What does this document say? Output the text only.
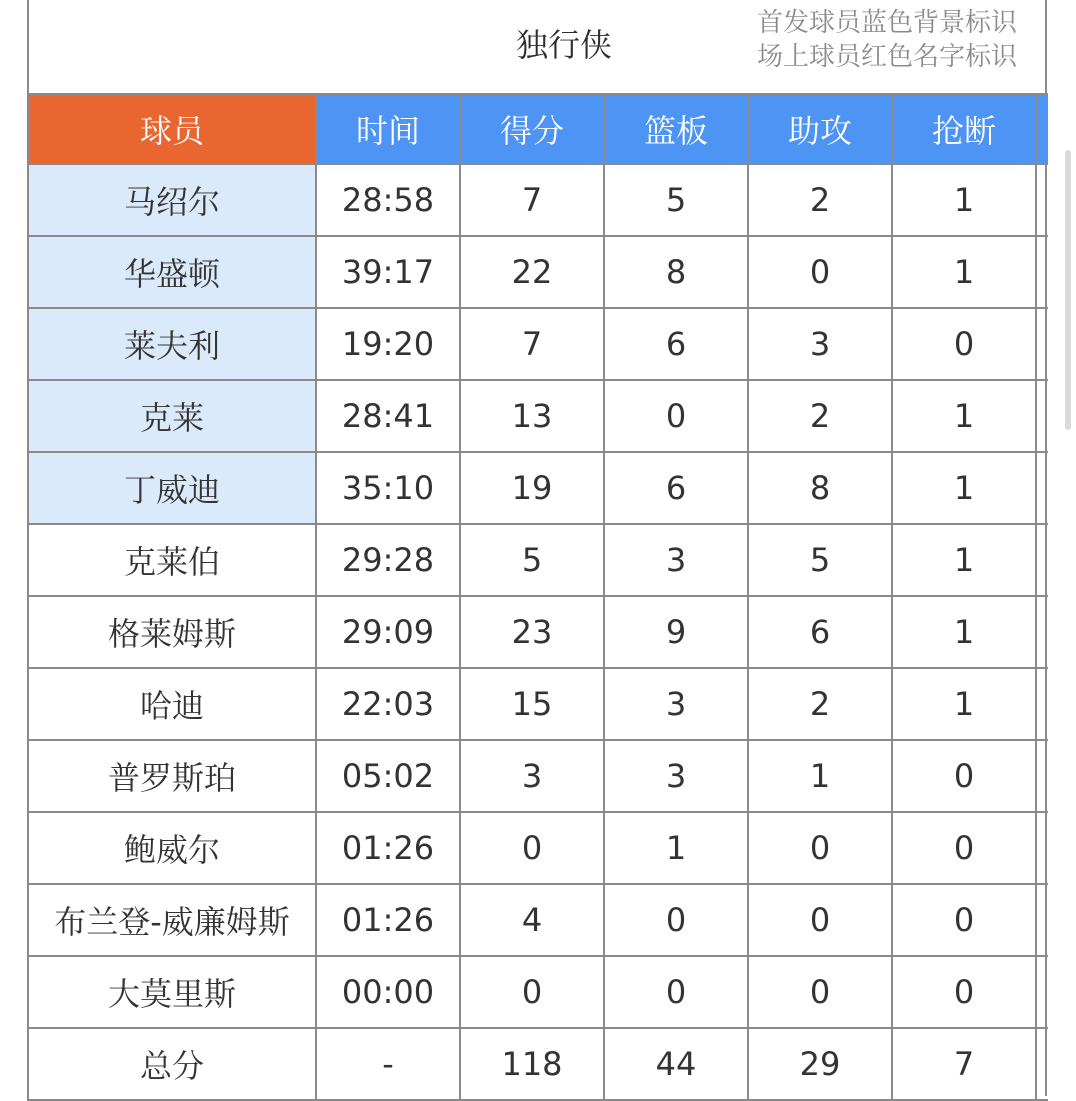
独行侠
首发球员蓝色背景标识
场上球员红色名字标识
球员	时间	得分	篮板	助攻	抢断	
马绍尔	28:58	7	5	2	1	
华盛顿	39:17	22	8	0	1	
莱夫利	19:20	7	6	3	0	
克莱	28:41	13	0	2	1	
丁威迪	35:10	19	6	8	1	
克莱伯	29:28	5	3	5	1	
格莱姆斯	29:09	23	9	6	1	
哈迪	22:03	15	3	2	1	
普罗斯珀	05:02	3	3	1	0	
鲍威尔	01:26	0	1	0	0	
布兰登-威廉姆斯	01:26	4	0	0	0	
大莫里斯	00:00	0	0	0	0	
总分	-	118	44	29	7	
